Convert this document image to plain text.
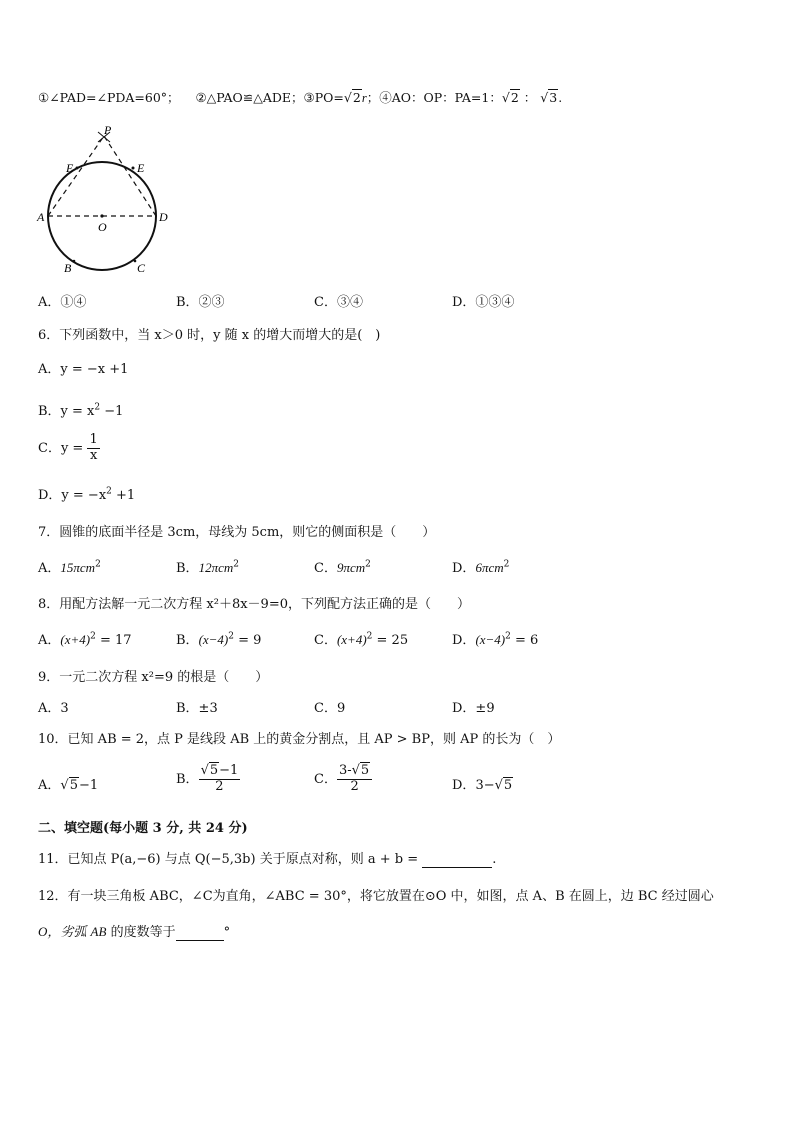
①∠PAD=∠PDA=60°； ②△PAO≌△ADE；③PO=√2r；④AO：OP：PA=1：√2 ： √3.
P
E	E
A
O
D
B	C
A．①④	B．②③	C．③④	D．①③④
6．下列函数中，当 x＞0 时，y 随 x 的增大而增大的是(　)
A．y = −x +1
B．$y = x^2 -1$
C．$y = \frac{1}{x}$
D．$y = -x^2 +1$
7．圆锥的底面半径是 3cm，母线为 5cm，则它的侧面积是（　　）
A．15πcm$^2$	B．12πcm$^2$	C．9πcm$^2$	D．6πcm$^2$
8．用配方法解一元二次方程 x²＋8x－9=0，下列配方法正确的是（　　）
A．$(x+4)^2 = 17$	B．$(x-4)^2 = 9$	C．$(x+4)^2 = 25$	D．$(x-4)^2 = 6$
9．一元二次方程 x²=9 的根是（　　）
A．3	B．±3	C．9	D．±9
10．已知 AB = 2，点 P 是线段 AB 上的黄金分割点，且 AP > BP，则 AP 的长为（　）
A．√5−1	B． $\frac{√5-1}{2}$	C． $\frac{3-√5}{2}$	D．3−√5
二、填空题(每小题 3 分, 共 24 分)
11．已知点 P(a,−6) 与点 Q(−5,3b) 关于原点对称，则 a + b =	.
12．有一块三角板 ABC，∠C为直角，∠ABC = 30°，将它放置在⊙O 中，如图，点 A、B 在圆上，边 BC 经过圆心
O，劣弧 AB 的度数等于	°
